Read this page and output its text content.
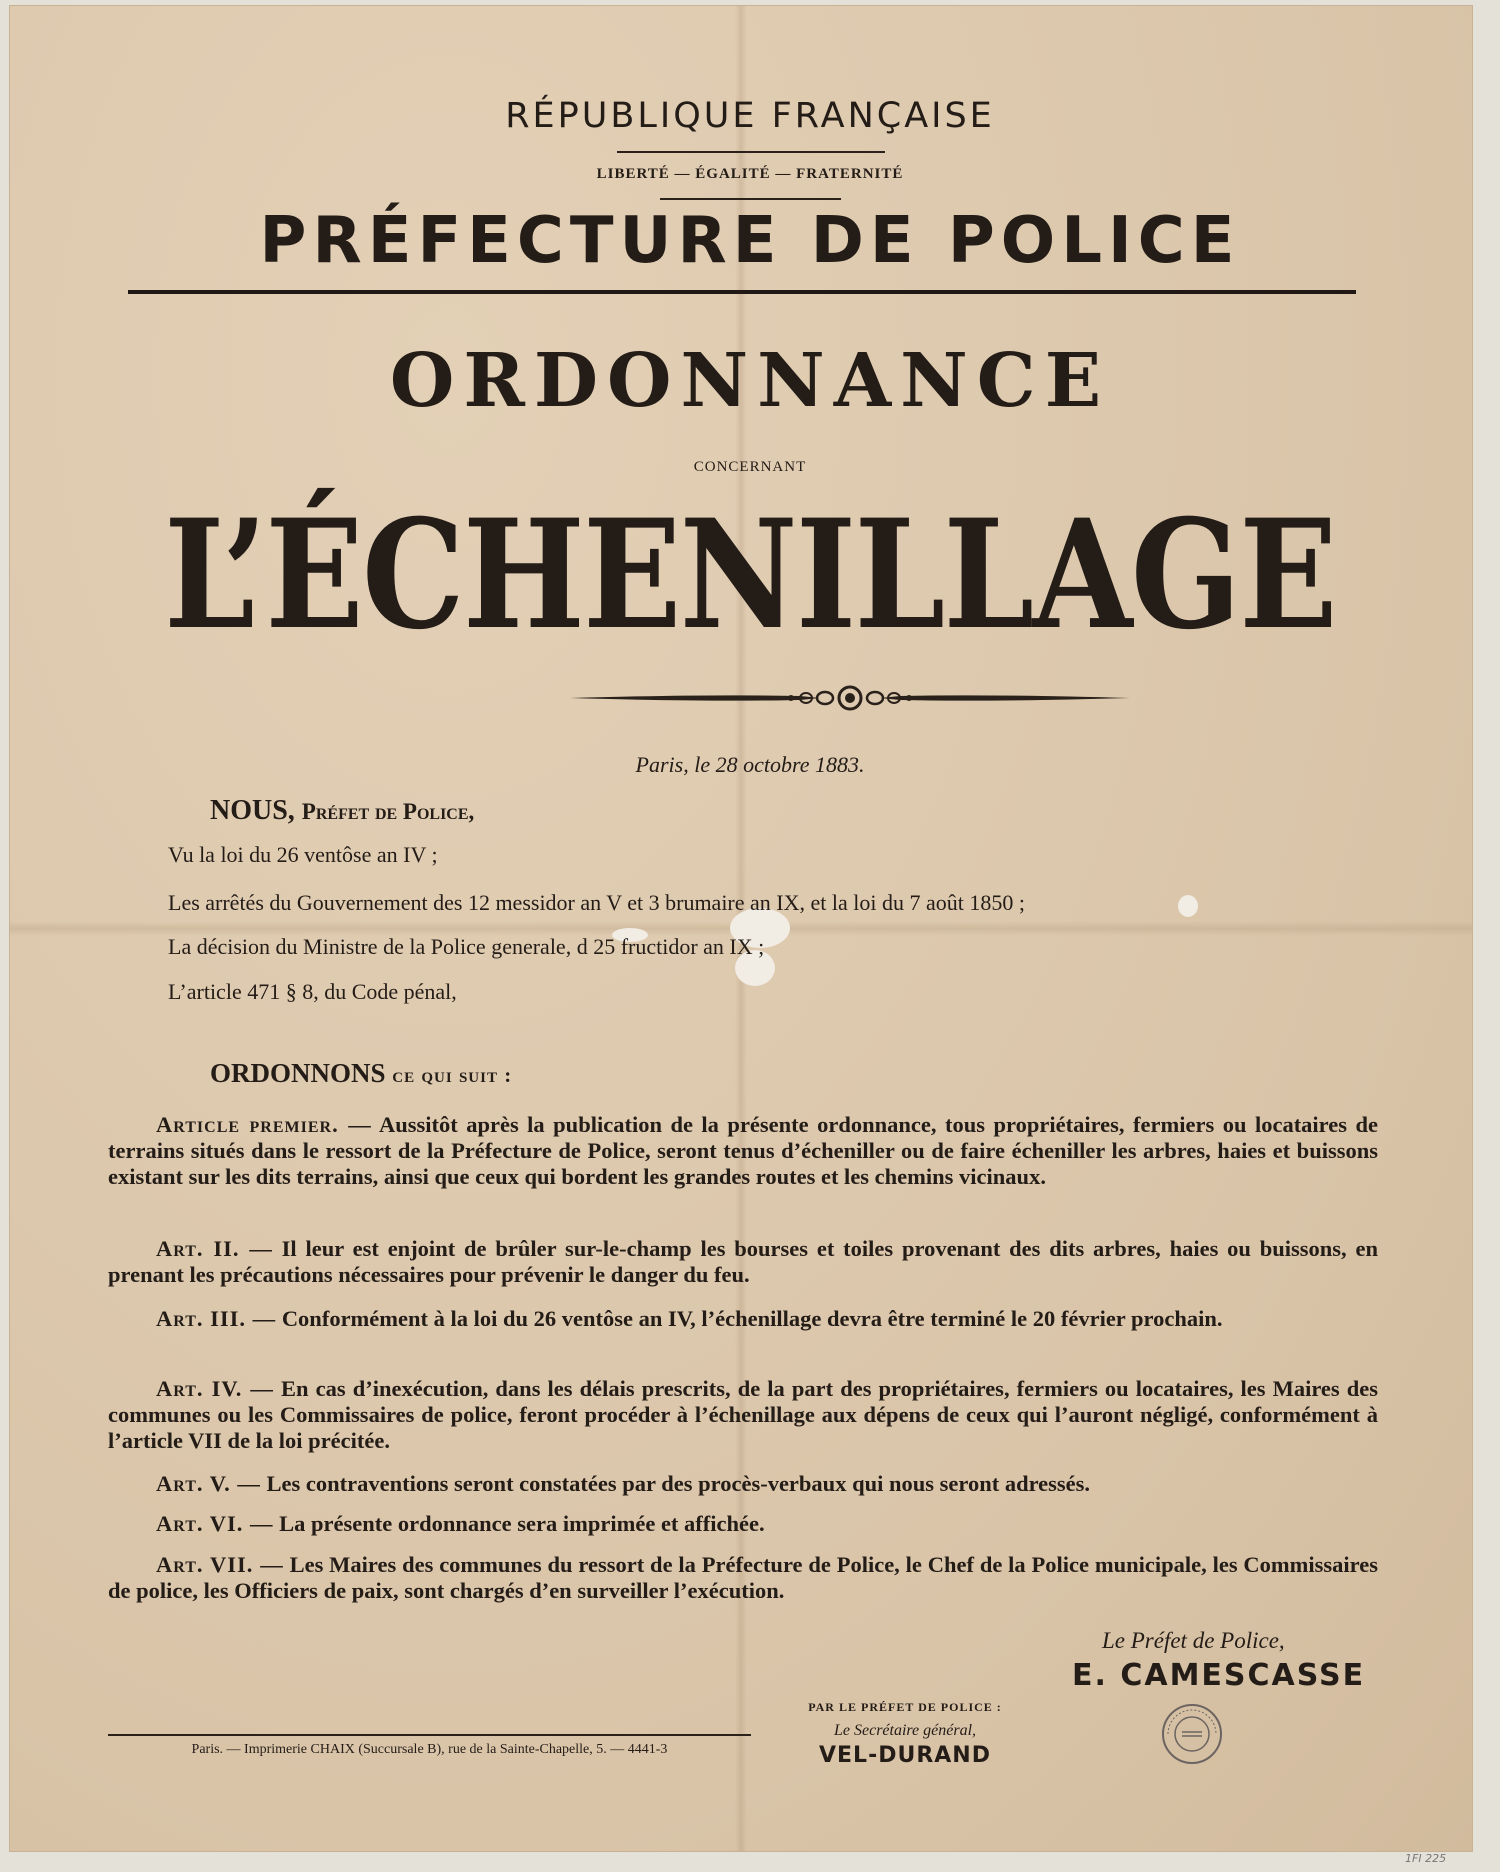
RÉPUBLIQUE FRANÇAISE
LIBERTÉ — ÉGALITÉ — FRATERNITÉ
PRÉFECTURE DE POLICE
ORDONNANCE
CONCERNANT
L’ÉCHENILLAGE
Paris, le 28 octobre 1883.
NOUS, Préfet de Police,
Vu la loi du 26 ventôse an IV ;
Les arrêtés du Gouvernement des 12 messidor an V et 3 brumaire an IX, et la loi du 7 août 1850 ;
La décision du Ministre de la Police generale, d 25 fructidor an IX ;
L’article 471 § 8, du Code pénal,
ORDONNONS ce qui suit :
Article premier. — Aussitôt après la publication de la présente ordonnance, tous propriétaires, fermiers ou locataires de terrains situés dans le ressort de la Préfecture de Police, seront tenus d’écheniller ou de faire écheniller les arbres, haies et buissons existant sur les dits terrains, ainsi que ceux qui bordent les grandes routes et les chemins vicinaux.
Art. II. — Il leur est enjoint de brûler sur-le-champ les bourses et toiles provenant des dits arbres, haies ou buissons, en prenant les précautions nécessaires pour prévenir le danger du feu.
Art. III. — Conformément à la loi du 26 ventôse an IV, l’échenillage devra être terminé le 20 février prochain.
Art. IV. — En cas d’inexécution, dans les délais prescrits, de la part des propriétaires, fermiers ou locataires, les Maires des communes ou les Commissaires de police, feront procéder à l’échenillage aux dépens de ceux qui l’auront négligé, conformément à l’article VII de la loi précitée.
Art. V. — Les contraventions seront constatées par des procès-verbaux qui nous seront adressés.
Art. VI. — La présente ordonnance sera imprimée et affichée.
Art. VII. — Les Maires des communes du ressort de la Préfecture de Police, le Chef de la Police municipale, les Commissaires de police, les Officiers de paix, sont chargés d’en surveiller l’exécution.
Le Préfet de Police,
E. CAMESCASSE
PAR LE PRÉFET DE POLICE :
Le Secrétaire général,
VEL-DURAND
Paris. — Imprimerie CHAIX (Succursale B), rue de la Sainte-Chapelle, 5. — 4441-3
1FI 225
